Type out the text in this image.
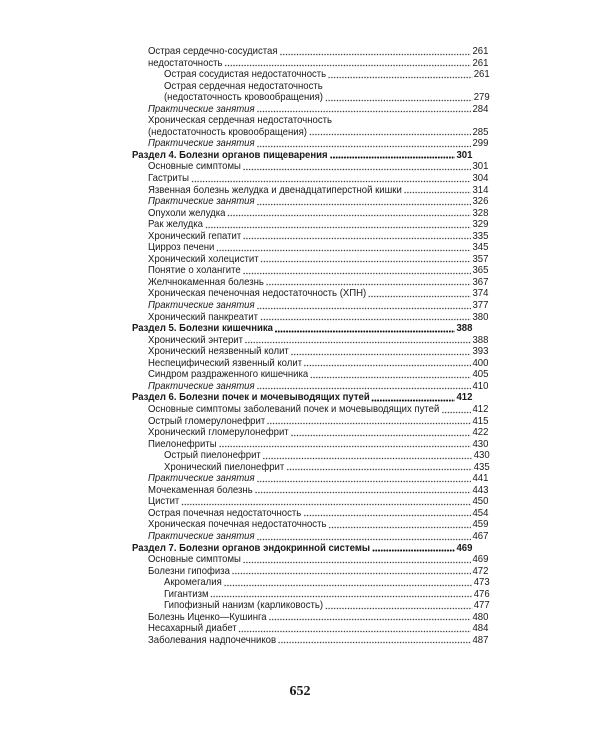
Острая сердечно-сосудистая	261
недостаточность	261
Острая сосудистая недостаточность	261
Острая сердечная недостаточность
(недостаточность кровообращения)	279
Практические занятия	284
Хроническая сердечная недостаточность
(недостаточность кровообращения)	285
Практические занятия	299
Раздел 4. Болезни органов пищеварения	301
Основные симптомы	301
Гастриты	304
Язвенная болезнь желудка и двенадцатиперстной кишки	314
Практические занятия	326
Опухоли желудка	328
Рак желудка	329
Хронический гепатит	335
Цирроз печени	345
Хронический холецистит	357
Понятие о холангите	365
Желчнокаменная болезнь	367
Хроническая печеночная недостаточность (ХПН)	374
Практические занятия	377
Хронический панкреатит	380
Раздел 5. Болезни кишечника	388
Хронический энтерит	388
Хронический неязвенный колит	393
Неспецифический язвенный колит	400
Синдром раздраженного кишечника	405
Практические занятия	410
Раздел 6. Болезни почек и мочевыводящих путей	412
Основные симптомы заболеваний почек и мочевыводящих путей	412
Острый гломерулонефрит	415
Хронический гломерулонефрит	422
Пиелонефриты	430
Острый пиелонефрит	430
Хронический пиелонефрит	435
Практические занятия	441
Мочекаменная болезнь	443
Цистит	450
Острая почечная недостаточность	454
Хроническая почечная недостаточность	459
Практические занятия	467
Раздел 7. Болезни органов эндокринной системы	469
Основные симптомы	469
Болезни гипофиза	472
Акромегалия	473
Гигантизм	476
Гипофизный нанизм (карликовость)	477
Болезнь Иценко—Кушинга	480
Несахарный диабет	484
Заболевания надпочечников	487
652
